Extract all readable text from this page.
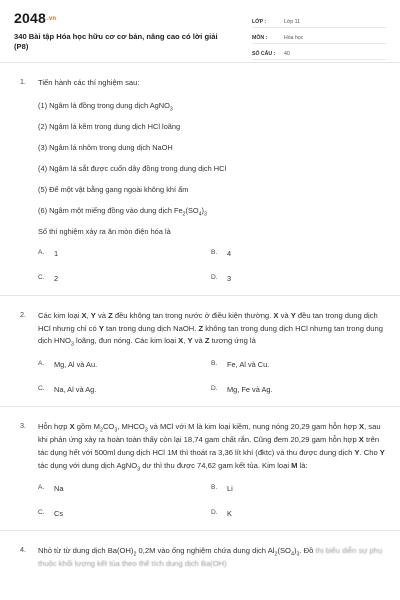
2048.vn
340 Bài tập Hóa học hữu cơ cơ bản, nâng cao có lời giải
(P8)
LỚP :	Lớp 11
MÔN :	Hóa học
SỐ CÂU :	40
1. Tiến hành các thí nghiệm sau:
(1) Ngâm lá đồng trong dung dịch AgNO$_3$
(2) Ngâm lá kẽm trong dung dịch HCl loãng
(3) Ngâm lá nhôm trong dung dịch NaOH
(4) Ngâm lá sắt được cuốn dây đồng trong dung dịch HCl
(5) Để một vật bằng gang ngoài không khí ẩm
(6) Ngâm một miếng đồng vào dung dịch $Fe_2(SO_4)_3$
Số thí nghiệm xảy ra ăn mòn điện hóa là
A.	1	B.	4
C.	2	D.	3
2. Các kim loại X, Y và Z đều không tan trong nước ở điều kiện thường. X và Y đều tan trong dung dịch HCl nhưng chỉ có Y tan trong dung dịch NaOH. Z không tan trong dung dịch HCl nhưng tan trong dung dịch $HNO_3$ loãng, đun nóng. Các kim loại X, Y và Z tương ứng là
A.	Mg, Al và Au.	B.	Fe, Al và Cu.
C.	Na, Al và Ag.	D.	Mg, Fe và Ag.
3. Hỗn hợp X gồm $M_2CO_3$, $MHCO_3$ và MCl với M là kim loại kiềm, nung nóng 20,29 gam hỗn hợp X, sau khi phản ứng xảy ra hoàn toàn thấy còn lại 18,74 gam chất rắn. Cũng đem 20,29 gam hỗn hợp X trên tác dụng hết với 500ml dung dịch HCl 1M thì thoát ra 3,36 lít khí (đktc) và thu được dung dịch Y. Cho Y tác dụng với dung dịch AgNO$_3$ dư thì thu được 74,62 gam kết tủa. Kim loại M là:
A.	Na	B.	Li
C.	Cs	D.	K
4. Nhỏ từ từ dung dịch $Ba(OH)_2$ 0,2M vào ống nghiệm chứa dung dịch $Al_2(SO_4)_3$. Đồ thị biểu diễn sự phụ thuộc khối lượng kết tủa theo thể tích dung dịch Ba(OH)
